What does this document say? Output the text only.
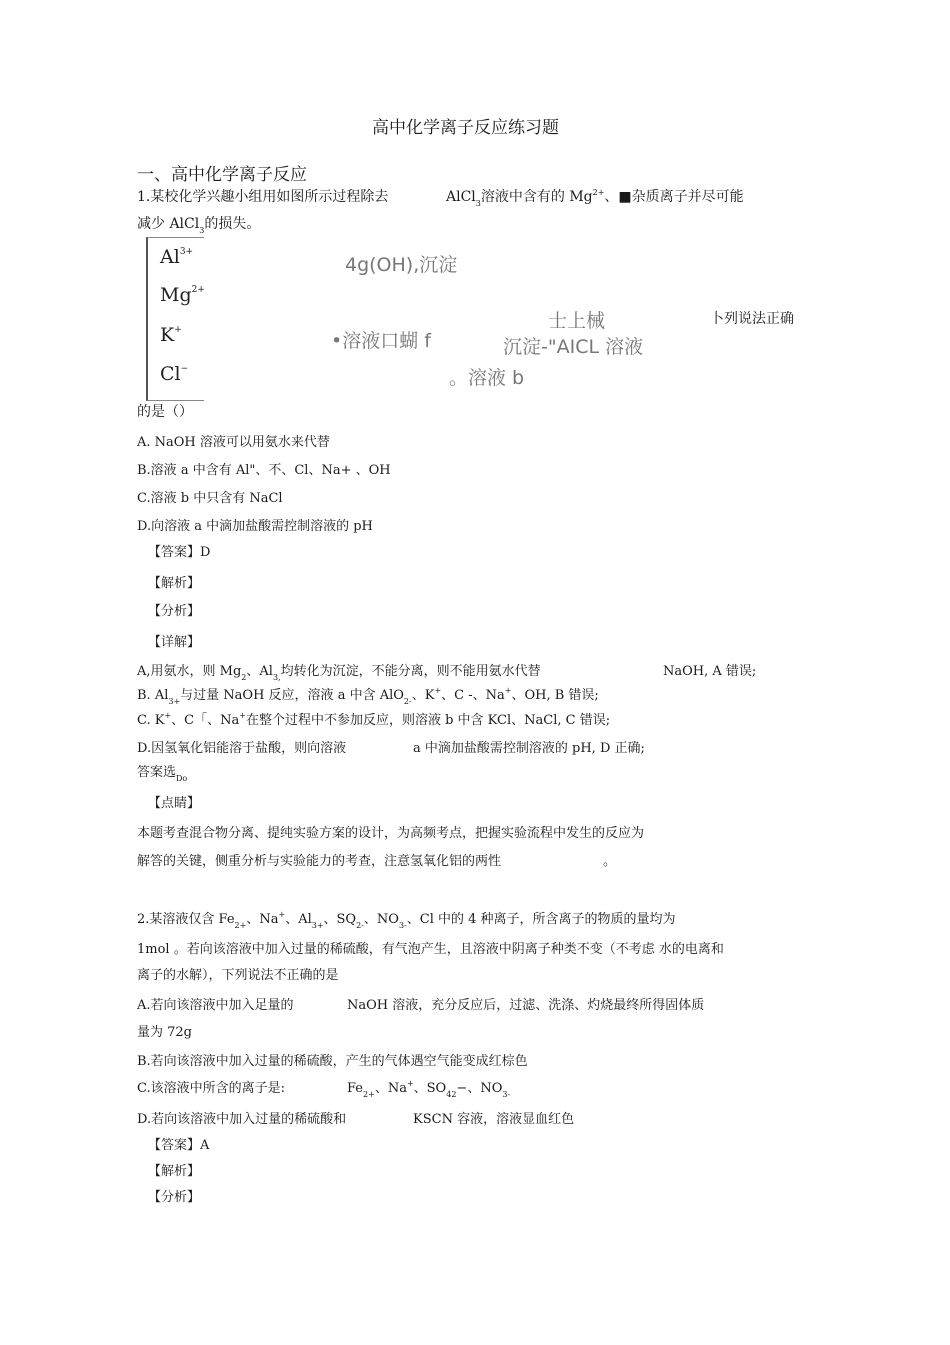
高中化学离子反应练习题
一、高中化学离子反应
1.某校化学兴趣小组用如图所示过程除去	AlCl$_3$溶液中含有的 $Mg^{2+}$、■杂质离子并尽可能
减少 AlCl$_3$的损失。
$Al^{3+}$
$Mg^{2+}$
K+
Cl−
4g(OH),沉淀
士上械
•溶液口蝴 f	沉淀-"AICL 溶液
。溶液 b
卜列说法正确
的是（）
A. NaOH 溶液可以用氨水来代替
B.溶液 a 中含有 Al"、不、Cl、Na+ 、OH
C.溶液 b 中只含有 NaCl
D.向溶液 a 中滴加盐酸需控制溶液的 pH
【答案】D
【解析】
【分析】
【详解】
A,用氨水，则 $Mg_2$、$Al_{3,}$均转化为沉淀，不能分离，则不能用氨水代替	NaOH, A 错误;
B. $Al_{3+}$与过量 NaOH 反应，溶液 a 中含 AlO$_{2-}$、K+、C -、Na+、OH, B 错误;
C. K+、C「、Na+在整个过程中不参加反应，则溶液 b 中含 KCl、NaCl, C 错误;
D.因氢氧化铝能溶于盐酸，则向溶液	a 中滴加盐酸需控制溶液的 pH, D 正确;
答案选$_{Do}$
【点睛】
本题考查混合物分离、提纯实验方案的设计，为高频考点，把握实验流程中发生的反应为
解答的关键，侧重分析与实验能力的考查，注意氢氧化铝的两性	。
2.某溶液仅含 $Fe_{2+}$、Na+、$Al_{3+}$、$SQ_{2-}$、$NO_{3-}$、Cl 中的 4 种离子，所含离子的物质的量均为
1mol 。若向该溶液中加入过量的稀硫酸，有气泡产生，且溶液中阴离子种类不变（不考虑 水的电离和
离子的水解），下列说法不正确的是
A.若向该溶液中加入足量的	NaOH 溶液，充分反应后，过滤、洗涤、灼烧最终所得固体质
量为 72g
B.若向该溶液中加入过量的稀硫酸，产生的气体遇空气能变成红棕色
C.该溶液中所含的离子是:	$Fe_{2+}$、Na+、$SO_{42}-$、$NO_{3-}$
D.若向该溶液中加入过量的稀硫酸和	KSCN 容液，溶液显血红色
【答案】A
【解析】
【分析】
